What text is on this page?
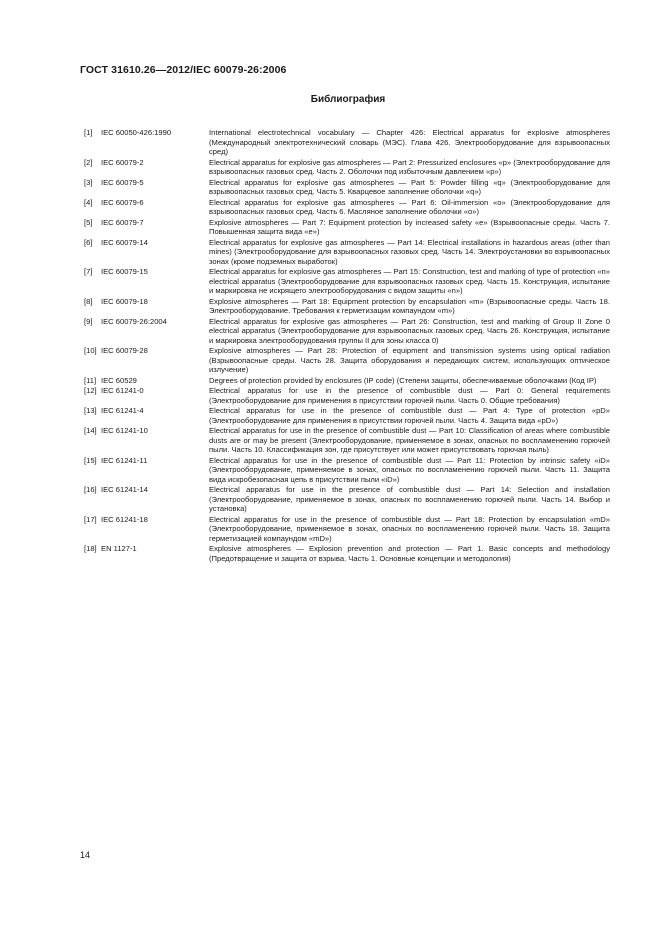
ГОСТ 31610.26—2012/IEC 60079-26:2006
Библиография
[1]	IEC 60050-426:1990	International electrotechnical vocabulary — Chapter 426: Electrical apparatus for explosive atmospheres (Международный электротехнический словарь (МЭС). Глава 426. Электрооборудование для взрывоопасных сред)
[2]	IEC 60079-2	Electrical apparatus for explosive gas atmospheres — Part 2: Pressurized enclosures «p» (Электрооборудование для взрывоопасных газовых сред. Часть 2. Оболочки под избыточным давлением «p»)
[3]	IEC 60079-5	Electrical apparatus for explosive gas atmospheres — Part 5: Powder filling «q» (Электрооборудование для взрывоопасных газовых сред. Часть 5. Кварцевое заполнение оболочки «q»)
[4]	IEC 60079-6	Electrical apparatus for explosive gas atmospheres — Part 6: Oil-immersion «o» (Электрооборудование для взрывоопасных газовых сред. Часть 6. Масляное заполнение оболочки «o»)
[5]	IEC 60079-7	Explosive atmospheres — Part 7: Equipment protection by increased safety «e» (Взрывоопасные среды. Часть 7. Повышенная защита вида «e»)
[6]	IEC 60079-14	Electrical apparatus for explosive gas atmospheres — Part 14: Electrical installations in hazardous areas (other than mines) (Электрооборудование для взрывоопасных газовых сред. Часть 14. Электроустановки во взрывоопасных зонах (кроме подземных выработок)
[7]	IEC 60079-15	Electrical apparatus for explosive gas atmospheres — Part 15: Construction, test and marking of type of protection «n» electrical apparatus (Электрооборудование для взрывоопасных газовых сред. Часть 15. Конструкция, испытание и маркировка не искрящего электрооборудования с видом защиты «n»)
[8]	IEC 60079-18	Explosive atmospheres — Part 18: Equipment protection by encapsulation «m» (Взрывоопасные среды. Часть 18. Электрооборудование. Требования к герметизации компаундом «m»)
[9]	IEC 60079-26:2004	Electrical apparatus for explosive gas atmospheres — Part 26: Construction, test and marking of Group II Zone 0 electrical apparatus (Электрооборудование для взрывоопасных газовых сред. Часть 26. Конструкция, испытание и маркировка электрооборудования группы II для зоны класса 0)
[10] IEC 60079-28	Explosive atmospheres — Part 28: Protection of equipment and transmission systems using optical radiation (Взрывоопасные среды. Часть 28. Защита оборудования и передающих систем, использующих оптическое излучение)
[11] IEC 60529	Degrees of protection provided by enclosures (IP code) (Степени защиты, обеспечиваемые оболочками (Код IP)
[12] IEC 61241-0	Electrical apparatus for use in the presence of combustible dust — Part 0: General requirements (Электрооборудование для применения в присутствии горючей пыли. Часть 0. Общие требования)
[13] IEC 61241-4	Electrical apparatus for use in the presence of combustible dust — Part 4: Type of protection «pD» (Электрооборудование для применения в присутствии горючей пыли. Часть 4. Защита вида «pD»)
[14] IEC 61241-10	Electrical apparatus for use in the presence of combustible dust — Part 10: Classification of areas where combustible dusts are or may be present (Электрооборудование, применяемое в зонах, опасных по воспламенению горючей пыли. Часть 10. Классификация зон, где присутствует или может присутствовать горючая пыль)
[15] IEC 61241-11	Electrical apparatus for use in the presence of combustible dust — Part 11: Protection by intrinsic safety «iD» (Электрооборудование, применяемое в зонах, опасных по воспламенению горючей пыли. Часть 11. Защита вида искробезопасная цепь в присутствии пыли «iD»)
[16] IEC 61241-14	Electrical apparatus for use in the presence of combustible dust — Part 14: Selection and installation (Электрооборудование, применяемое в зонах, опасных по воспламенению горючей пыли. Часть 14. Выбор и установка)
[17] IEC 61241-18	Electrical apparatus for use in the presence of combustible dust — Part 18: Protection by encapsulation «mD» (Электрооборудование, применяемое в зонах, опасных по воспламенению горючей пыли. Часть 18. Защита герметизацией компаундом «mD»)
[18] EN 1127-1	Explosive atmospheres — Explosion prevention and protection — Part 1. Basic concepts and methodology (Предотвращение и защита от взрыва. Часть 1. Основные концепции и методология)
14
